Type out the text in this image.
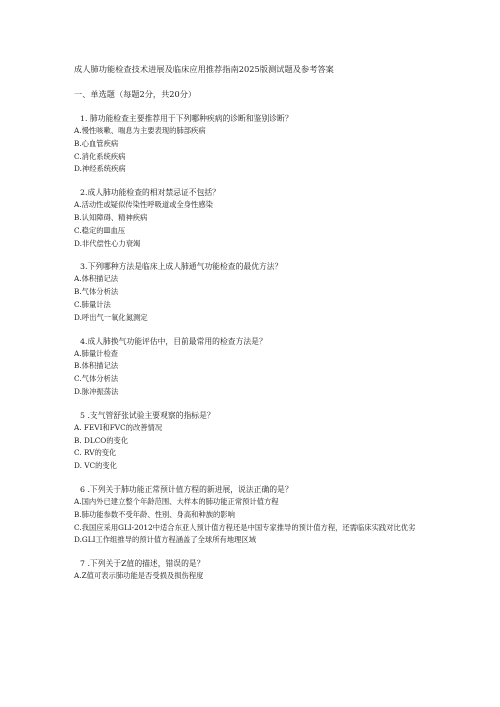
成人肺功能检查技术进展及临床应用推荐指南2025版测试题及参考答案
一、单选题（每题2分，共20分）
1. 肺功能检查主要推荐用于下列哪种疾病的诊断和鉴别诊断？
A.慢性咳嗽、喘息为主要表现的肺部疾病
B.心血管疾病
C.消化系统疾病
D.神经系统疾病
2.成人肺功能检查的相对禁忌证不包括？
A.活动性或疑似传染性呼吸道或全身性感染
B.认知障碍、精神疾病
C.稳定的Ⅲ血压
D.非代偿性心力衰竭
3.下列哪种方法是临床上成人肺通气功能检查的最优方法？
A.体积描记法
B.气体分析法
C.肺量计法
D.呼出气一氧化氮测定
4.成人肺换气功能评估中，目前最常用的检查方法是？
A.肺量计检查
B.体积描记法
C.气体分析法
D.脉冲振荡法
5 .支气管舒张试验主要观察的指标是？
A. FEVI和FVC的改善情况
B. DLCO的变化
C. RV的变化
D. VC的变化
6 .下列关于肺功能正常预计值方程的新进展，说法正确的是？
A.国内外已建立整个年龄范围、大样本的肺功能正常预计值方程
B.肺功能参数不受年龄、性别、身高和种族的影响
C.我国应采用GLI-2012中适合东亚人预计值方程还是中国专家推导的预计值方程，还需临床实践对比优劣
D.GLI工作组推导的预计值方程涵盖了全球所有地理区域
7 .下列关于Z值的描述，错误的是？
A.Z值可表示肺功能是否受损及损伤程度
